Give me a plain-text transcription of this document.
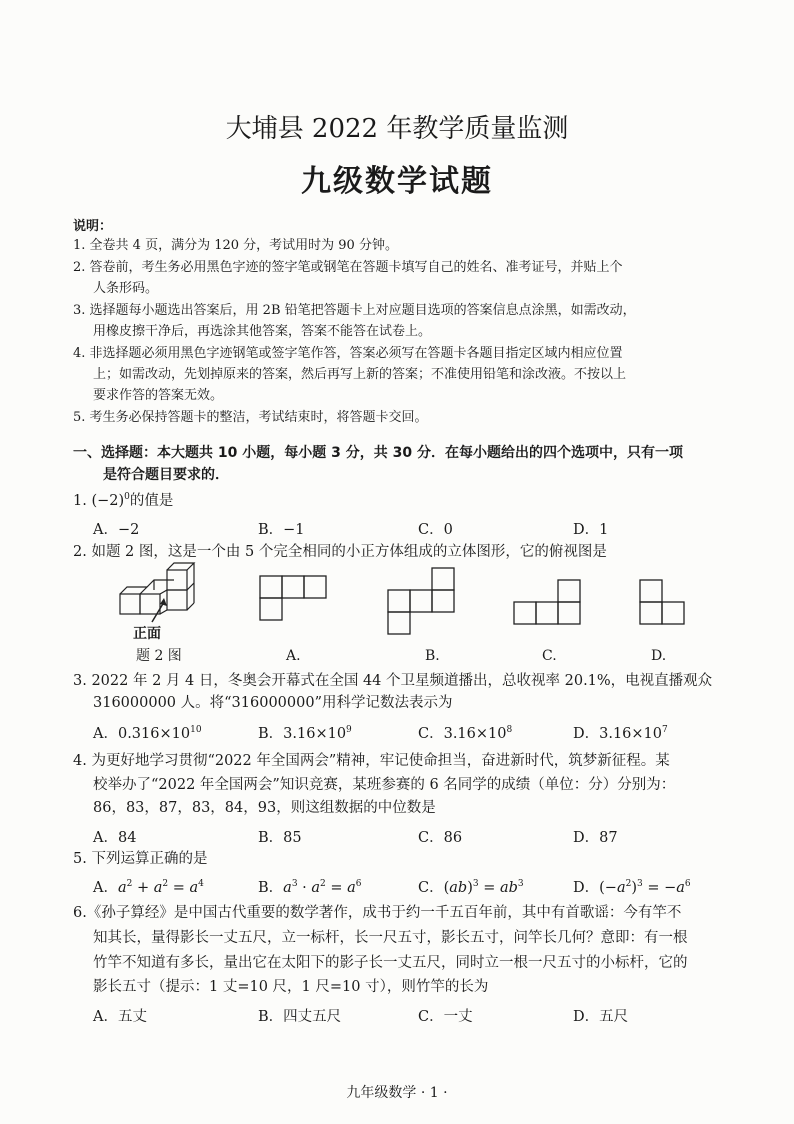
大埔县 2022 年教学质量监测
九级数学试题
说明：
1. 全卷共 4 页，满分为 120 分，考试用时为 90 分钟。
2. 答卷前，考生务必用黑色字迹的签字笔或钢笔在答题卡填写自己的姓名、准考证号，并贴上个
人条形码。
3. 选择题每小题选出答案后，用 2B 铅笔把答题卡上对应题目选项的答案信息点涂黑，如需改动，
用橡皮擦干净后，再选涂其他答案，答案不能答在试卷上。
4. 非选择题必须用黑色字迹钢笔或签字笔作答，答案必须写在答题卡各题目指定区域内相应位置
上；如需改动，先划掉原来的答案，然后再写上新的答案；不准使用铅笔和涂改液。不按以上
要求作答的答案无效。
5. 考生务必保持答题卡的整洁，考试结束时，将答题卡交回。
一、选择题：本大题共 10 小题，每小题 3 分，共 30 分．在每小题给出的四个选项中，只有一项
是符合题目要求的．
1. $(-2)^0$的值是
A．−2	B．−1	C．0	D．1
2. 如题 2 图，这是一个由 5 个完全相同的小正方体组成的立体图形，它的俯视图是
正面
题 2 图	A.	B.	C.	D.
3. 2022 年 2 月 4 日，冬奥会开幕式在全国 44 个卫星频道播出，总收视率 20.1%，电视直播观众
316000000 人。将“316000000”用科学记数法表示为
A．$0.316\times 10^{10}$	B．$3.16\times 10^9$	C．$3.16\times 10^8$	D．$3.16\times 10^7$
4. 为更好地学习贯彻“2022 年全国两会”精神，牢记使命担当，奋进新时代，筑梦新征程。某
校举办了“2022 年全国两会”知识竞赛，某班参赛的 6 名同学的成绩（单位：分）分别为：
86，83，87，83，84，93，则这组数据的中位数是
A．84	B．85	C．86	D．87
5. 下列运算正确的是
A．$a^2 + a^2 = a^4$	B．$a^3 \cdot a^2 = a^6$	C．$(ab)^3 = ab^3$	D．$(-a^2)^3 = -a^6$
6.《孙子算经》是中国古代重要的数学著作，成书于约一千五百年前，其中有首歌谣：今有竿不
知其长，量得影长一丈五尺，立一标杆，长一尺五寸，影长五寸，问竿长几何？意即：有一根
竹竿不知道有多长，量出它在太阳下的影子长一丈五尺，同时立一根一尺五寸的小标杆，它的
影长五寸（提示：1 丈=10 尺，1 尺=10 寸），则竹竿的长为
A．五丈	B．四丈五尺	C．一丈	D．五尺
九年级数学 · 1 ·
